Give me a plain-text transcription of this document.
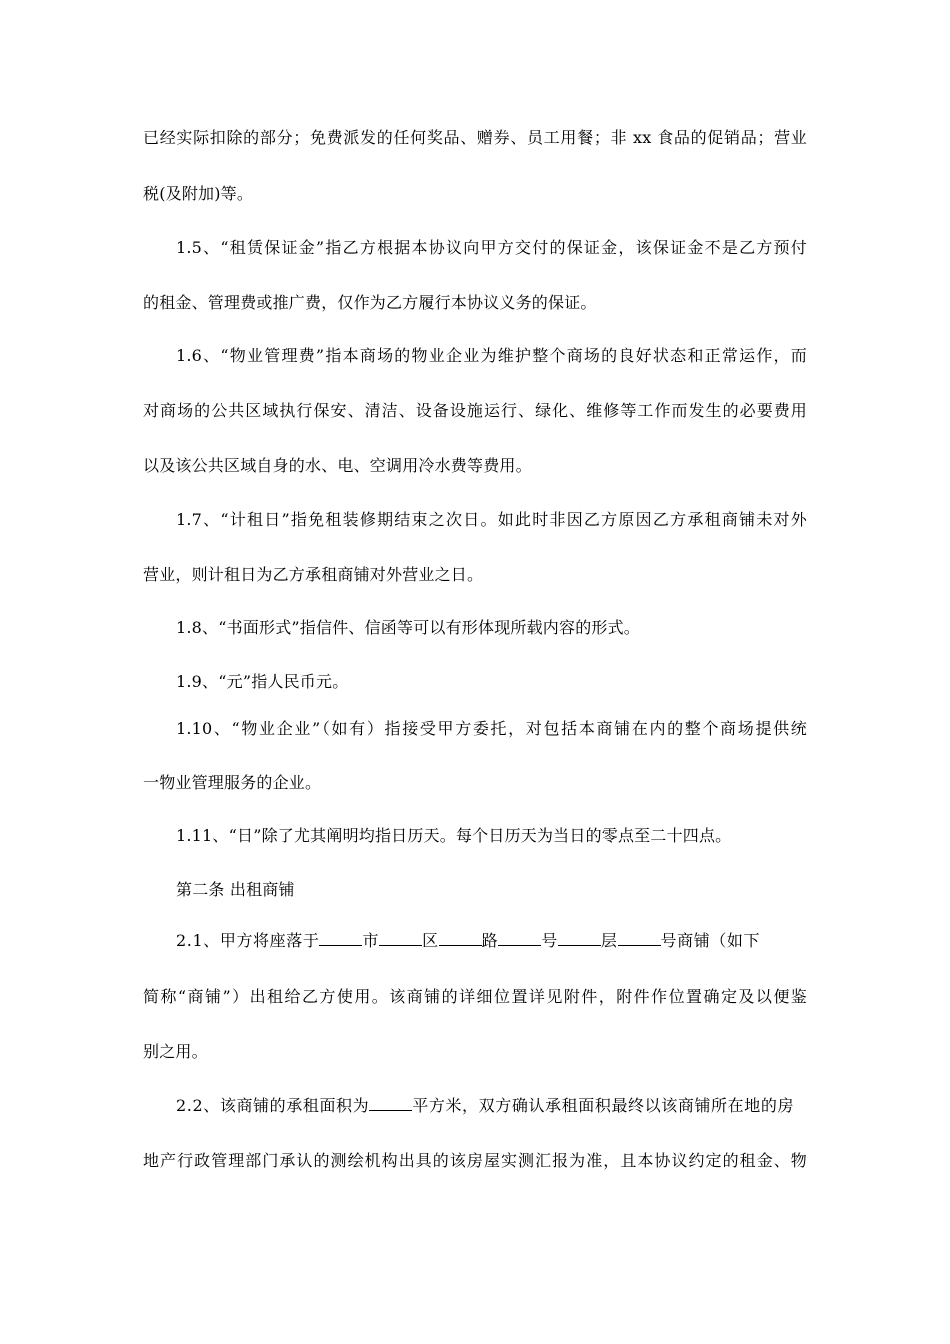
已经实际扣除的部分；免费派发的任何奖品、赠券、员工用餐；非 xx 食品的促销品；营业
税(及附加)等。
1.5、“租赁保证金”指乙方根据本协议向甲方交付的保证金，该保证金不是乙方预付
的租金、管理费或推广费，仅作为乙方履行本协议义务的保证。
1.6、“物业管理费”指本商场的物业企业为维护整个商场的良好状态和正常运作，而
对商场的公共区域执行保安、清洁、设备设施运行、绿化、维修等工作而发生的必要费用
以及该公共区域自身的水、电、空调用冷水费等费用。
1.7、“计租日”指免租装修期结束之次日。如此时非因乙方原因乙方承租商铺未对外
营业，则计租日为乙方承租商铺对外营业之日。
1.8、“书面形式”指信件、信函等可以有形体现所载内容的形式。
1.9、“元”指人民币元。
1.10、“物业企业”（如有）指接受甲方委托，对包括本商铺在内的整个商场提供统
一物业管理服务的企业。
1.11、“日”除了尤其阐明均指日历天。每个日历天为当日的零点至二十四点。
第二条 出租商铺
2.1、甲方将座落于	市	区	路	号	层	号商铺（如下
简称“商铺”）出租给乙方使用。该商铺的详细位置详见附件，附件作位置确定及以便鉴
别之用。
2.2、该商铺的承租面积为	平方米，双方确认承租面积最终以该商铺所在地的房
地产行政管理部门承认的测绘机构出具的该房屋实测汇报为准，且本协议约定的租金、物
